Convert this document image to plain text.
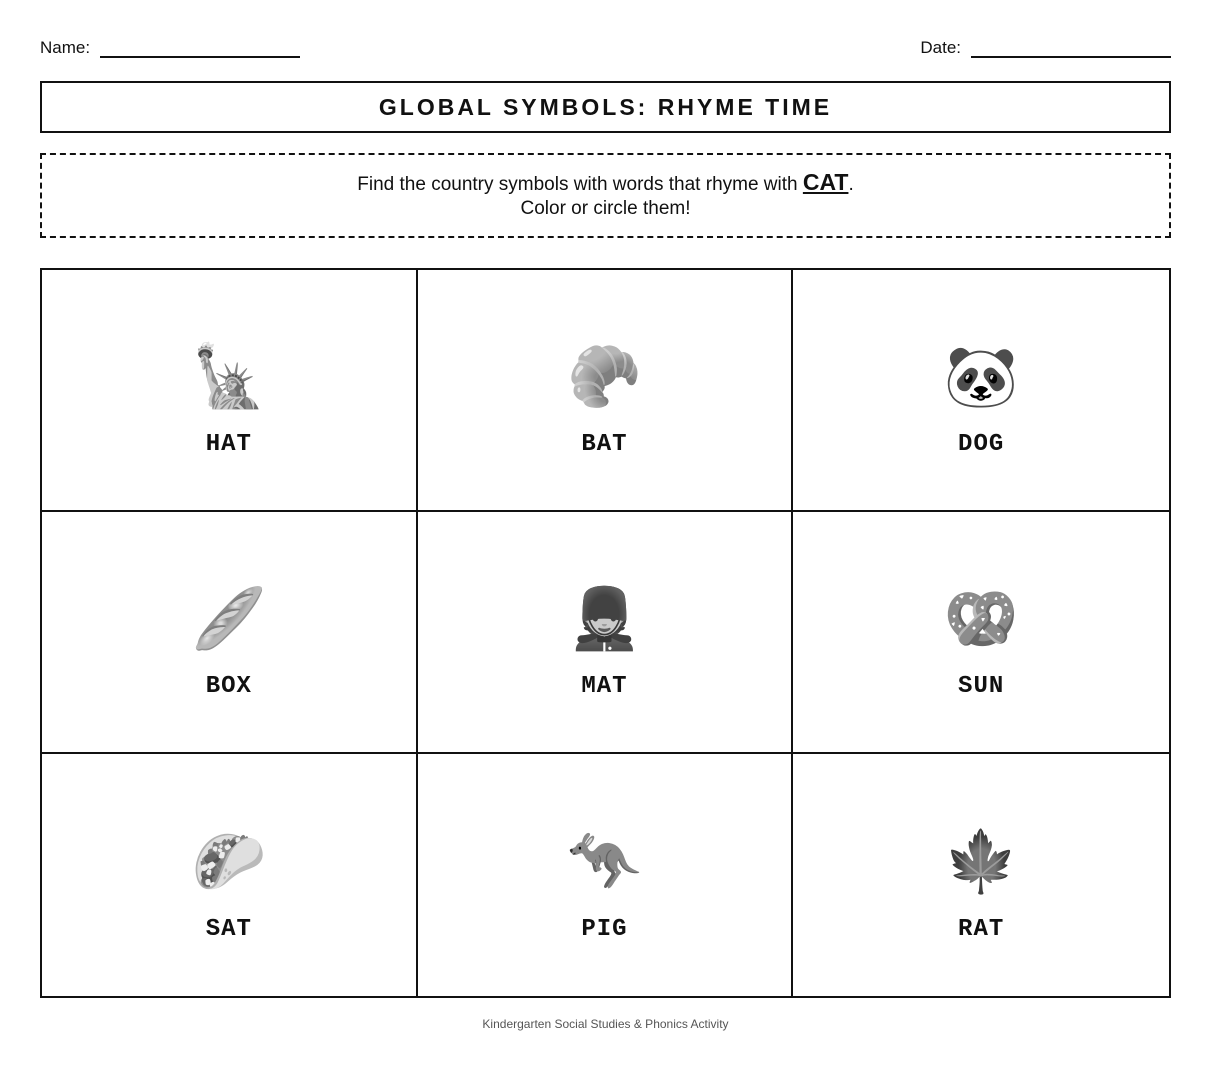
Name:	Date:
GLOBAL SYMBOLS: RHYME TIME
Find the country symbols with words that rhyme with CAT.
Color or circle them!
🗽
HAT
🥐
BAT
🐼
DOG
🥖
BOX
💂
MAT
🥨
SUN
🌮
SAT
🦘
PIG
🍁
RAT
Kindergarten Social Studies & Phonics Activity
